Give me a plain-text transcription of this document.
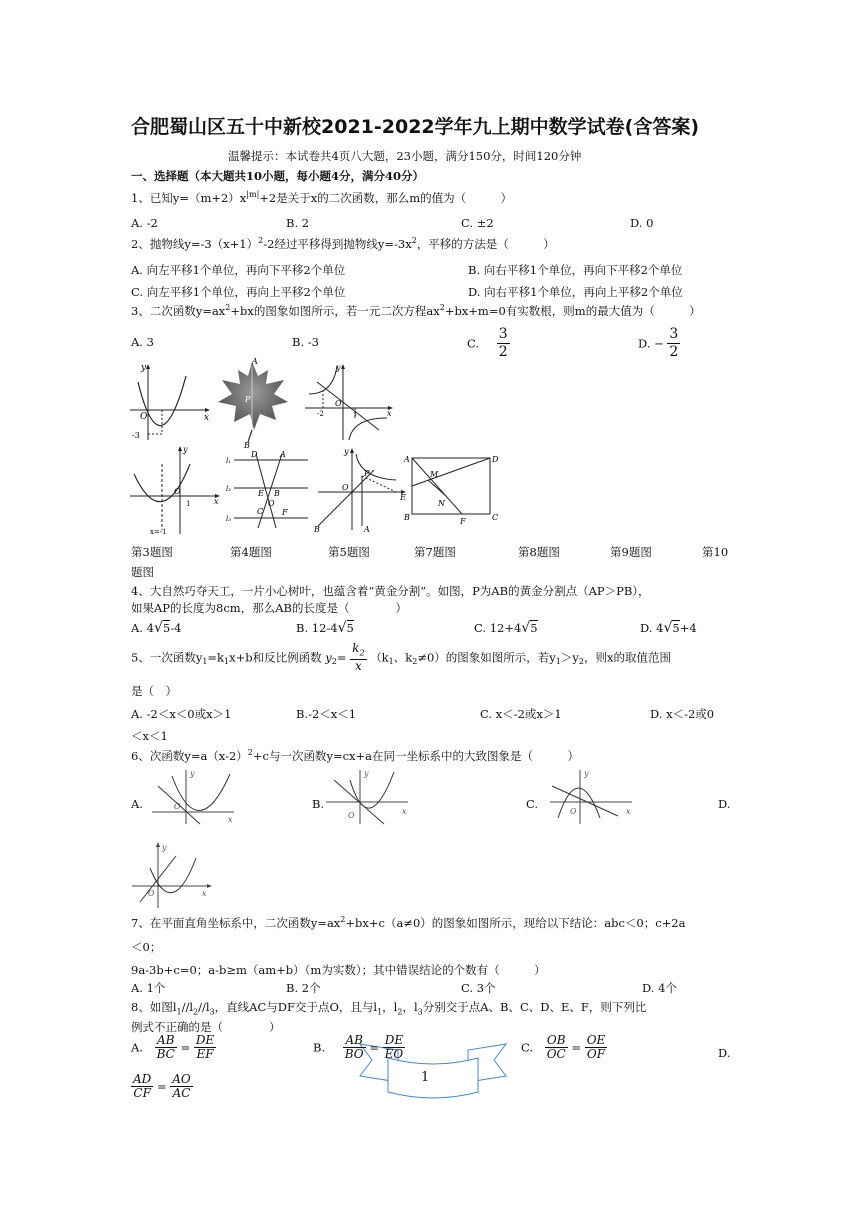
合肥蜀山区五十中新校2021-2022学年九上期中数学试卷(含答案)
温馨提示：本试卷共4页八大题，23小题，满分150分，时间120分钟
一、选择题（本大题共10小题，每小题4分，满分40分）
1、已知$y=(m+2)x^{|m|}+2$是关于x的二次函数，那么m的值为（　　　）
A. -2	B. 2	C. ±2	D. 0
2、抛物线$y=-3(x+1)^2-2$经过平移得到抛物线$y=-3x^2$，平移的方法是（　　　）
A. 向左平移1个单位，再向下平移2个单位	B. 向右平移1个单位，再向下平移2个单位
C. 向左平移1个单位，再向上平移2个单位	D. 向右平移1个单位，再向上平移2个单位
3、二次函数$y=ax^2+bx$的图象如图所示，若一元二次方程$ax^2+bx+m=0$有实数根，则m的最大值为（　　　）
A. 3	B. -3	C. $\frac{3}{2}$	D. − $\frac{3}{2}$
y
x
O
-3
A
P
B
y
O
-2	1	x
y
O
1	x
x=-1
l₁
l₂
l₃
D	A
E B
C
O
F
y
P
O
E
B	A
A
M
D
B
N
F	C
第3题图	第4题图	第5题图	第7题图	第8题图	第9题图	第10
题图
4、大自然巧夺天工，一片小心树叶，也蕴含着“黄金分割”。如图，P为AB的黄金分割点（AP＞PB），
如果AP的长度为8cm，那么AB的长度是（　　　　）
A. 4√5-4	B. 12-4√5	C. 12+4√5	D. 4√5+4
5、一次函数$y_1=k_1x+b$和反比例函数 $y_2= \frac{k_2}{x} (k_1$、$k_2\ne 0$）的图象如图所示，若$y_1>y_2$，则x的取值范围
是（　）
A. -2＜x＜0或x＞1	B.-2＜x＜1	C. x＜-2或x＞1	D. x＜-2或0
＜x＜1
6、次函数$y=a(x-2)^2+c$与一次函数y=cx+a在同一坐标系中的大致图象是（　　　）
A.
y
O
x
B.
y
O	x
C.
y
O	x
D.
y
O	x
7、在平面直角坐标系中，二次函数$y=ax^2+bx+c(a\ne 0)$的图象如图所示，现给以下结论：abc＜0；c+2a
＜0；
9a-3b+c=0；a-b≥m（am+b）（m为实数）；其中错误结论的个数有（　　　）
A. 1个	B. 2个	C. 3个	D. 4个
8、如图$l_1//l_2//l_3$，直线AC与DF交于点O，且与$l_1$，$l_2$，$l_3$分别交于点A、B、C、D、E、F，则下列比
例式不正确的是（　　　　）
A. $\frac{AB}{BC} = \frac{DE}{EF}$	B. $\frac{AB}{BO} = \frac{DE}{EO}$
1
C. $\frac{OB}{OC} = \frac{OE}{OF}$	D.
$\frac{AD}{CF} = \frac{AO}{AC}$
